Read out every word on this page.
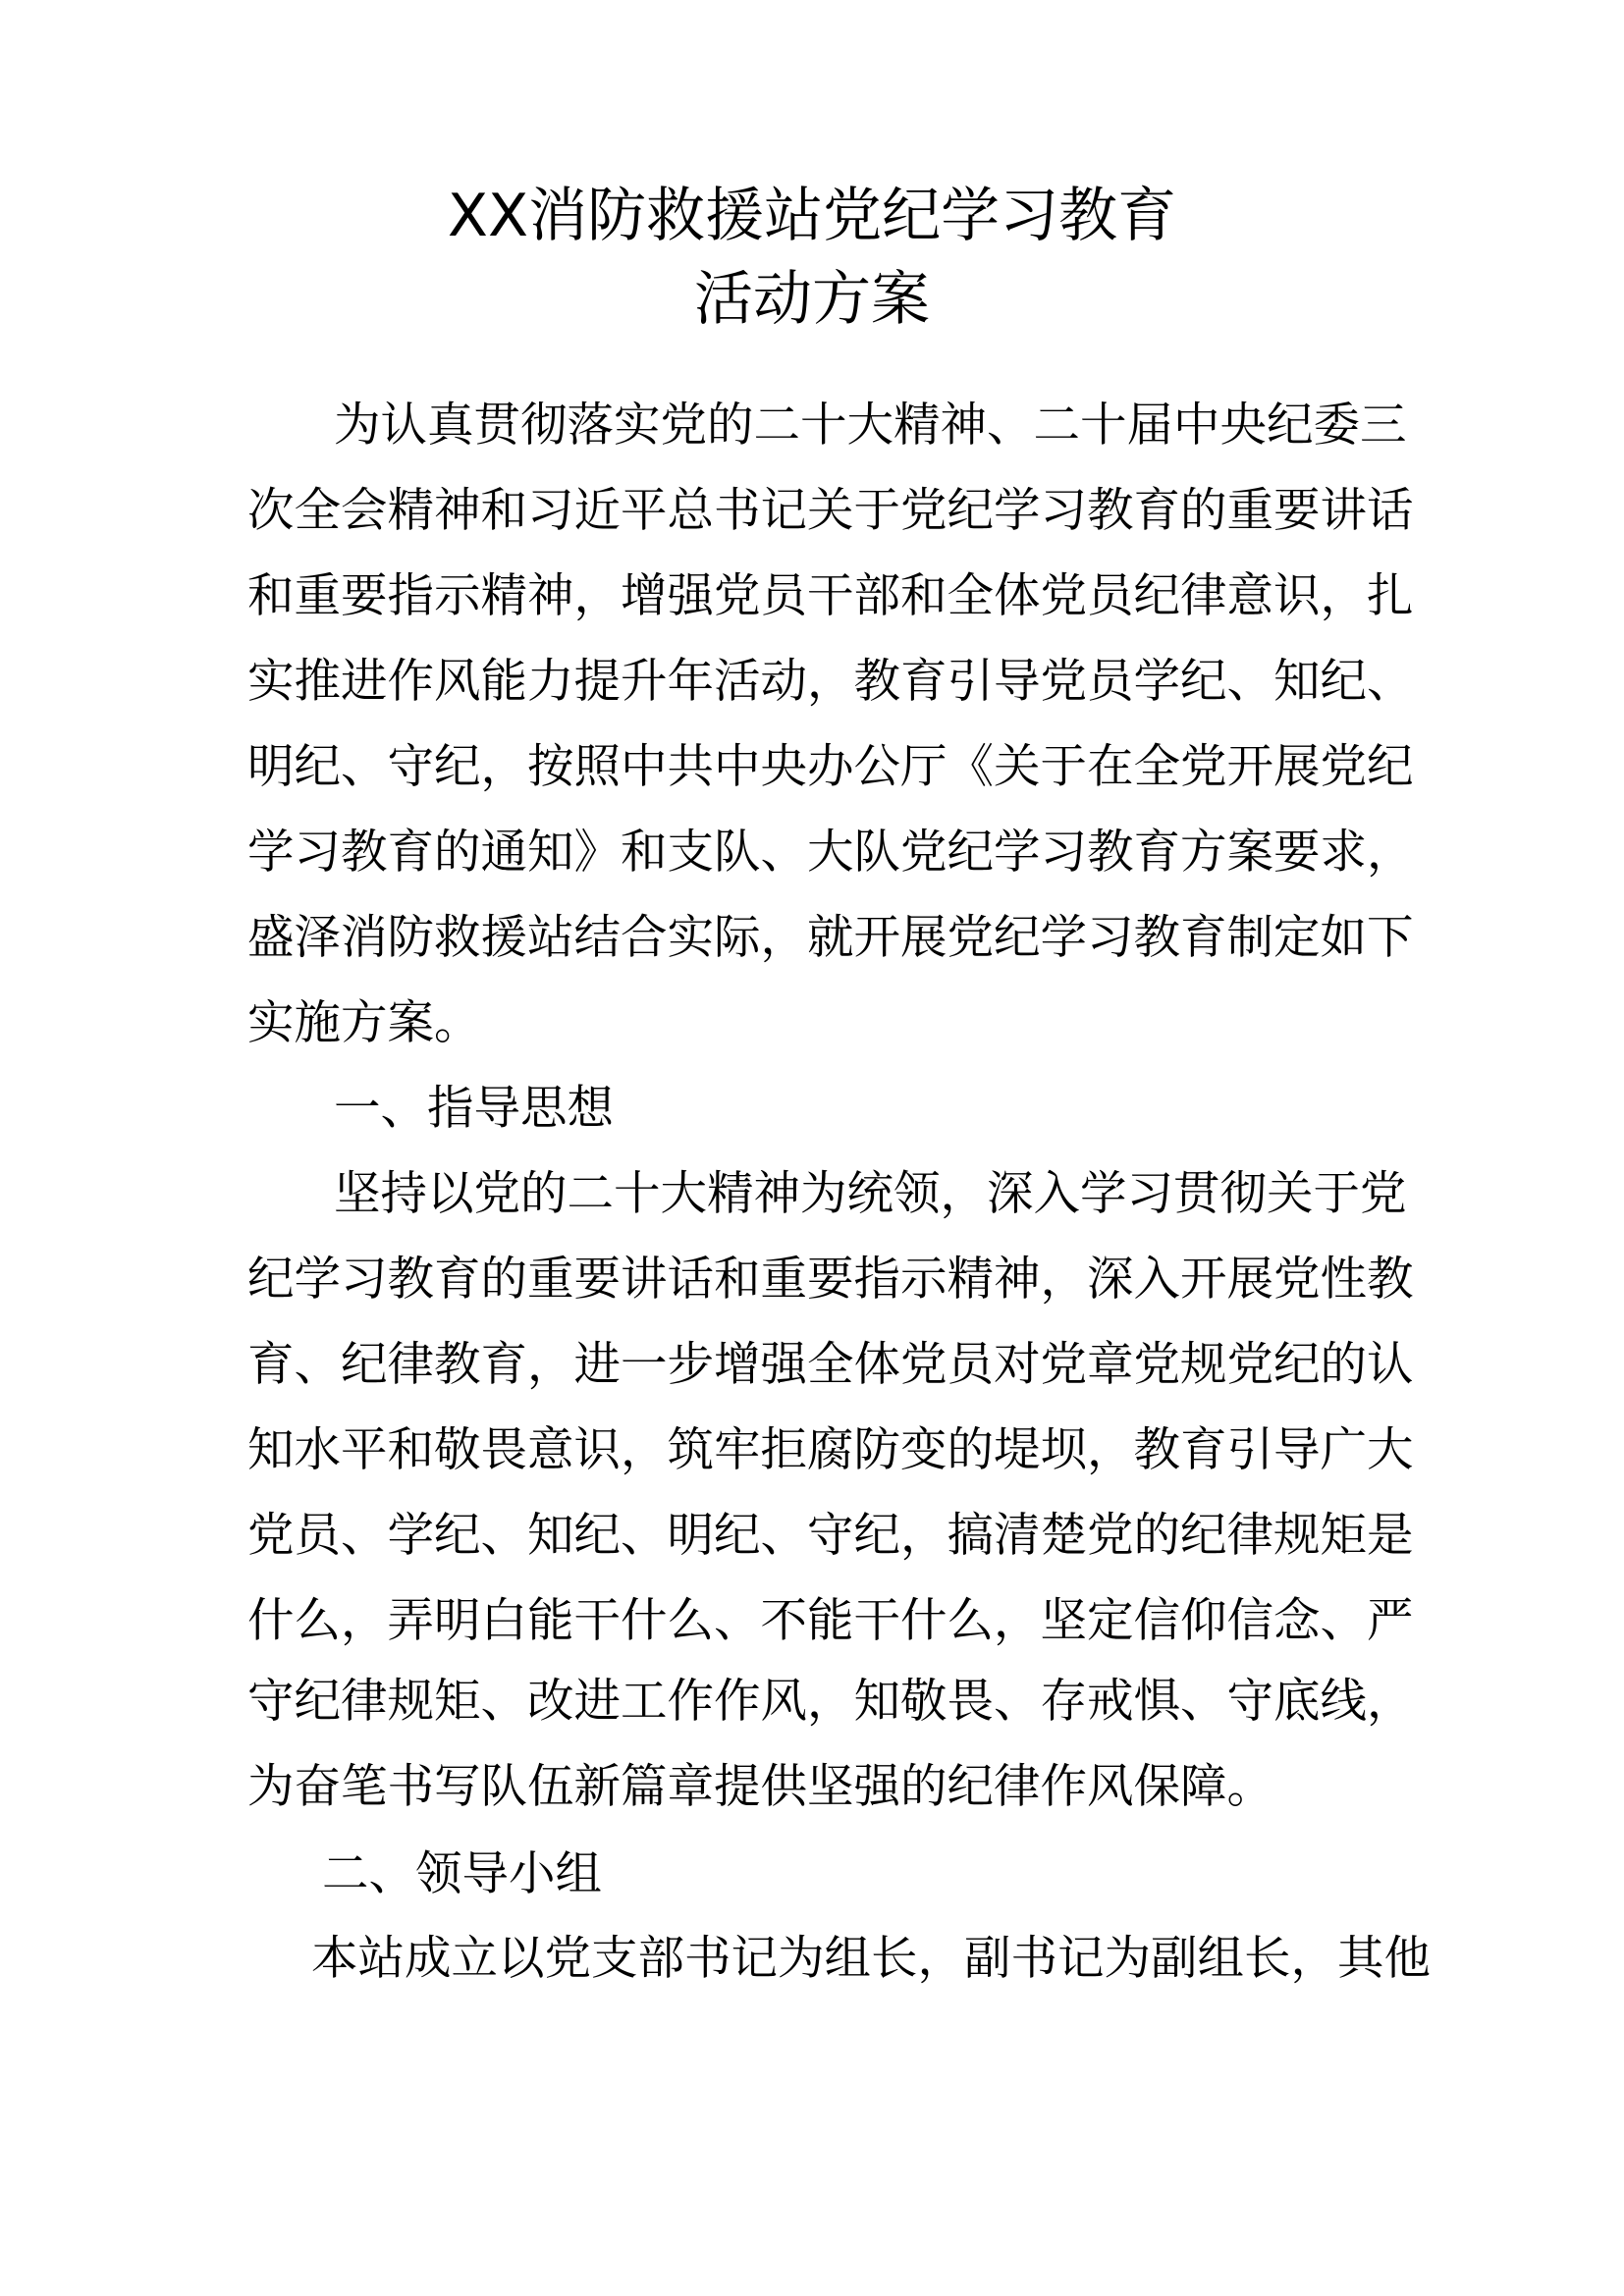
XX消防救援站党纪学习教育
活动方案
为认真贯彻落实党的二十大精神、二十届中央纪委三
次全会精神和习近平总书记关于党纪学习教育的重要讲话
和重要指示精神，增强党员干部和全体党员纪律意识，扎
实推进作风能力提升年活动，教育引导党员学纪、知纪、
明纪、守纪，按照中共中央办公厅《关于在全党开展党纪
学习教育的通知》和支队、大队党纪学习教育方案要求，
盛泽消防救援站结合实际，就开展党纪学习教育制定如下
实施方案。
一、指导思想
坚持以党的二十大精神为统领，深入学习贯彻关于党
纪学习教育的重要讲话和重要指示精神，深入开展党性教
育、纪律教育，进一步增强全体党员对党章党规党纪的认
知水平和敬畏意识，筑牢拒腐防变的堤坝，教育引导广大
党员、学纪、知纪、明纪、守纪，搞清楚党的纪律规矩是
什么，弄明白能干什么、不能干什么，坚定信仰信念、严
守纪律规矩、改进工作作风，知敬畏、存戒惧、守底线，
为奋笔书写队伍新篇章提供坚强的纪律作风保障。
二、领导小组
本站成立以党支部书记为组长，副书记为副组长，其他
